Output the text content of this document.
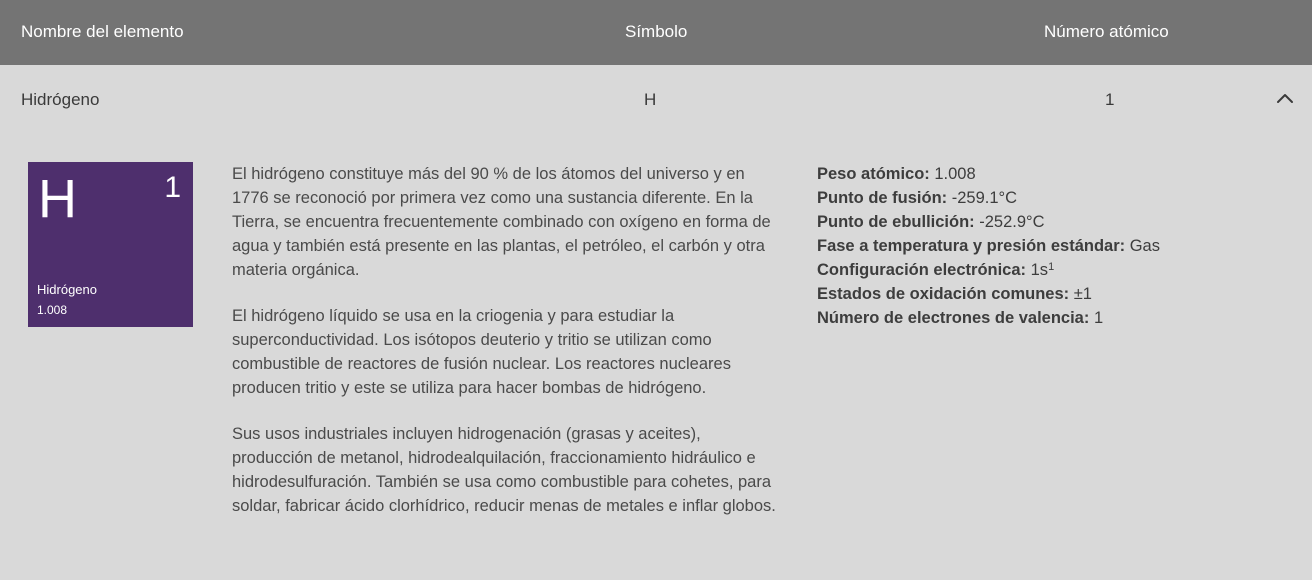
Nombre del elemento	Símbolo	Número atómico
Hidrógeno	H	1
H	1
Hidrógeno
1.008

El hidrógeno constituye más del 90 % de los átomos del universo y en 1776 se reconoció por primera vez como una sustancia diferente. En la Tierra, se encuentra frecuentemente combinado con oxígeno en forma de agua y también está presente en las plantas, el petróleo, el carbón y otra materia orgánica.

El hidrógeno líquido se usa en la criogenia y para estudiar la superconductividad. Los isótopos deuterio y tritio se utilizan como combustible de reactores de fusión nuclear. Los reactores nucleares producen tritio y este se utiliza para hacer bombas de hidrógeno.

Sus usos industriales incluyen hidrogenación (grasas y aceites), producción de metanol, hidrodealquilación, fraccionamiento hidráulico e hidrodesulfuración. También se usa como combustible para cohetes, para soldar, fabricar ácido clorhídrico, reducir menas de metales e inflar globos.

Peso atómico: 1.008
Punto de fusión: -259.1°C
Punto de ebullición: -252.9°C
Fase a temperatura y presión estándar: Gas
Configuración electrónica: $1s^1$
Estados de oxidación comunes: ±1
Número de electrones de valencia: 1
